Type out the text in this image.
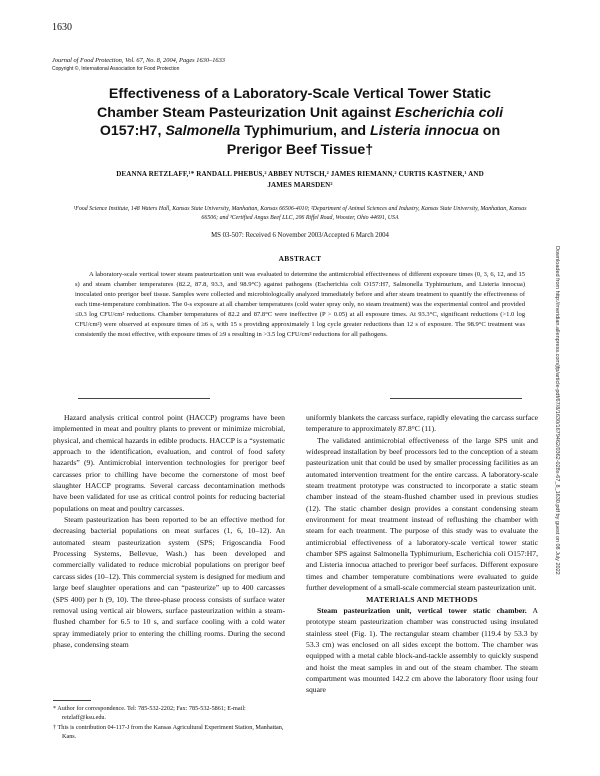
1630
Journal of Food Protection, Vol. 67, No. 8, 2004, Pages 1630–1633
Copyright ©, International Association for Food Protection
Effectiveness of a Laboratory-Scale Vertical Tower Static
Chamber Steam Pasteurization Unit against Escherichia coli
O157:H7, Salmonella Typhimurium, and Listeria innocua on
Prerigor Beef Tissue†
DEANNA RETZLAFF,¹* RANDALL PHEBUS,² ABBEY NUTSCH,² JAMES RIEMANN,² CURTIS KASTNER,¹ AND
JAMES MARSDEN²
¹Food Science Institute, 148 Waters Hall, Kansas State University, Manhattan, Kansas 66506-4010; ²Department of Animal Sciences and Industry, Kansas State University, Manhattan, Kansas 66506; and ³Certified Angus Beef LLC, 206 Riffel Road, Wooster, Ohio 44691, USA
MS 03-507: Received 6 November 2003/Accepted 6 March 2004
ABSTRACT

A laboratory-scale vertical tower steam pasteurization unit was evaluated to determine the antimicrobial effectiveness of different exposure times (0, 3, 6, 12, and 15 s) and steam chamber temperatures (82.2, 87.8, 93.3, and 98.9°C) against pathogens (Escherichia coli O157:H7, Salmonella Typhimurium, and Listeria innocua) inoculated onto prerigor beef tissue. Samples were collected and microbiologically analyzed immediately before and after steam treatment to quantify the effectiveness of each time-temperature combination. The 0-s exposure at all chamber temperatures (cold water spray only, no steam treatment) was the experimental control and provided ≤0.3 log CFU/cm² reductions. Chamber temperatures of 82.2 and 87.8°C were ineffective (P > 0.05) at all exposure times. At 93.3°C, significant reductions (>1.0 log CFU/cm²) were observed at exposure times of ≥6 s, with 15 s providing approximately 1 log cycle greater reductions than 12 s of exposure. The 98.9°C treatment was consistently the most effective, with exposure times of ≥9 s resulting in >3.5 log CFU/cm² reductions for all pathogens.

Hazard analysis critical control point (HACCP) programs have been implemented in meat and poultry plants to prevent or minimize microbial, physical, and chemical hazards in edible products. HACCP is a “systematic approach to the identification, evaluation, and control of food safety hazards” (9). Antimicrobial intervention technologies for prerigor beef carcasses prior to chilling have become the cornerstone of most beef slaughter HACCP programs. Several carcass decontamination methods have been validated for use as critical control points for reducing bacterial populations on meat and poultry carcasses.

Steam pasteurization has been reported to be an effective method for decreasing bacterial populations on meat surfaces (1, 6, 10–12). An automated steam pasteurization system (SPS; Frigoscandia Food Processing Systems, Bellevue, Wash.) has been developed and commercially validated to reduce microbial populations on prerigor beef carcass sides (10–12). This commercial system is designed for medium and large beef slaughter operations and can “pasteurize” up to 400 carcasses (SPS 400) per h (9, 10). The three-phase process consists of surface water removal using vertical air blowers, surface pasteurization within a steam-flushed chamber for 6.5 to 10 s, and surface cooling with a cold water spray immediately prior to entering the chilling rooms. During the second phase, condensing steam

uniformly blankets the carcass surface, rapidly elevating the carcass surface temperature to approximately 87.8°C (11).

The validated antimicrobial effectiveness of the large SPS unit and widespread installation by beef processors led to the conception of a steam pasteurization unit that could be used by smaller processing facilities as an automated intervention treatment for the entire carcass. A laboratory-scale steam treatment prototype was constructed to incorporate a static steam chamber instead of the steam-flushed chamber used in previous studies (12). The static chamber design provides a constant condensing steam environment for meat treatment instead of reflushing the chamber with steam for each treatment. The purpose of this study was to evaluate the antimicrobial effectiveness of a laboratory-scale vertical tower static chamber SPS against Salmonella Typhimurium, Escherichia coli O157:H7, and Listeria innocua attached to prerigor beef surfaces. Different exposure times and chamber temperature combinations were evaluated to guide further development of a small-scale commercial steam pasteurization unit.

MATERIALS AND METHODS

Steam pasteurization unit, vertical tower static chamber. A prototype steam pasteurization chamber was constructed using insulated stainless steel (Fig. 1). The rectangular steam chamber (119.4 by 53.3 by 53.3 cm) was enclosed on all sides except the bottom. The chamber was equipped with a metal cable block-and-tackle assembly to quickly suspend and hoist the meat samples in and out of the steam chamber. The steam compartment was mounted 142.2 cm above the laboratory floor using four square

* Author for correspondence. Tel: 785-532-2202; Fax: 785-532-5861; E-mail: retzlaff@ksu.edu.

† This is contribution 04-117-J from the Kansas Agricultural Experiment Station, Manhattan, Kans.

Downloaded from http://meridian.allenpress.com/jfp/article-pdf/67/8/1630/1679462/0362-028x-67_8_1630.pdf by guest on 08 July 2022
